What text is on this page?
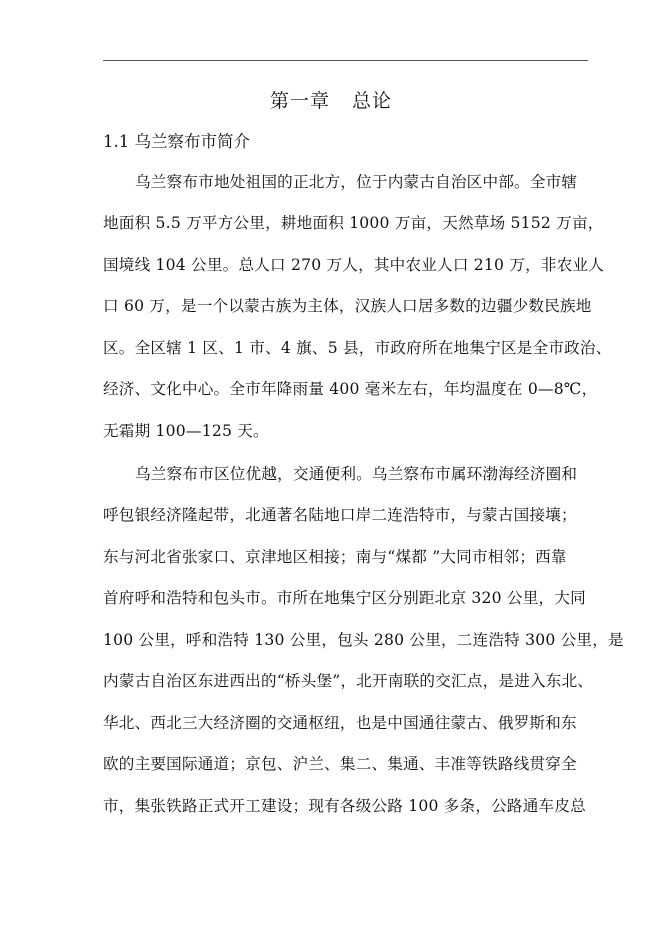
第一章 总论
1.1 乌兰察布市简介
乌兰察布市地处祖国的正北方，位于内蒙古自治区中部。全市辖
地面积 5.5 万平方公里，耕地面积 1000 万亩，天然草场 5152 万亩，
国境线 104 公里。总人口 270 万人，其中农业人口 210 万，非农业人
口 60 万，是一个以蒙古族为主体，汉族人口居多数的边疆少数民族地
区。全区辖 1 区、1 市、4 旗、5 县，市政府所在地集宁区是全市政治、
经济、文化中心。全市年降雨量 400 毫米左右，年均温度在 0—8℃，
无霜期 100—125 天。
乌兰察布市区位优越，交通便利。乌兰察布市属环渤海经济圈和
呼包银经济隆起带，北通著名陆地口岸二连浩特市，与蒙古国接壤；
东与河北省张家口、京津地区相接；南与“煤都 ”大同市相邻；西靠
首府呼和浩特和包头市。市所在地集宁区分别距北京 320 公里，大同
100 公里，呼和浩特 130 公里，包头 280 公里，二连浩特 300 公里，是
内蒙古自治区东进西出的“桥头堡”，北开南联的交汇点，是进入东北、
华北、西北三大经济圈的交通枢纽，也是中国通往蒙古、俄罗斯和东
欧的主要国际通道；京包、沪兰、集二、集通、丰准等铁路线贯穿全
市，集张铁路正式开工建设；现有各级公路 100 多条，公路通车皮总
